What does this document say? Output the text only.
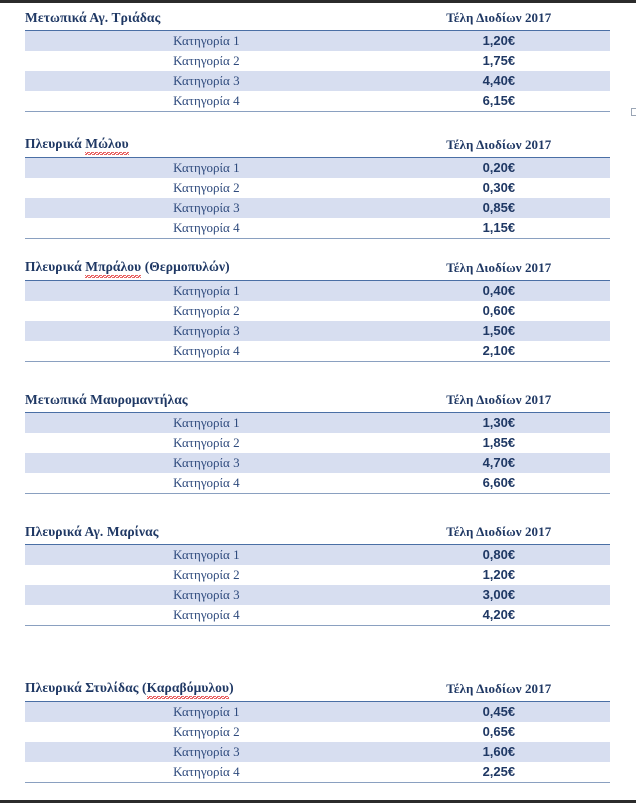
Μετωπικά Αγ. Τριάδας	Τέλη Διοδίων 2017
Κατηγορία 1	1,20€
Κατηγορία 2	1,75€
Κατηγορία 3	4,40€
Κατηγορία 4	6,15€
Πλευρικά Μώλου	Τέλη Διοδίων 2017
Κατηγορία 1	0,20€
Κατηγορία 2	0,30€
Κατηγορία 3	0,85€
Κατηγορία 4	1,15€
Πλευρικά Μπράλου (Θερμοπυλών)	Τέλη Διοδίων 2017
Κατηγορία 1	0,40€
Κατηγορία 2	0,60€
Κατηγορία 3	1,50€
Κατηγορία 4	2,10€
Μετωπικά Μαυρομαντήλας	Τέλη Διοδίων 2017
Κατηγορία 1	1,30€
Κατηγορία 2	1,85€
Κατηγορία 3	4,70€
Κατηγορία 4	6,60€
Πλευρικά Αγ. Μαρίνας	Τέλη Διοδίων 2017
Κατηγορία 1	0,80€
Κατηγορία 2	1,20€
Κατηγορία 3	3,00€
Κατηγορία 4	4,20€
Πλευρικά Στυλίδας (Καραβόμυλου)	Τέλη Διοδίων 2017
Κατηγορία 1	0,45€
Κατηγορία 2	0,65€
Κατηγορία 3	1,60€
Κατηγορία 4	2,25€
